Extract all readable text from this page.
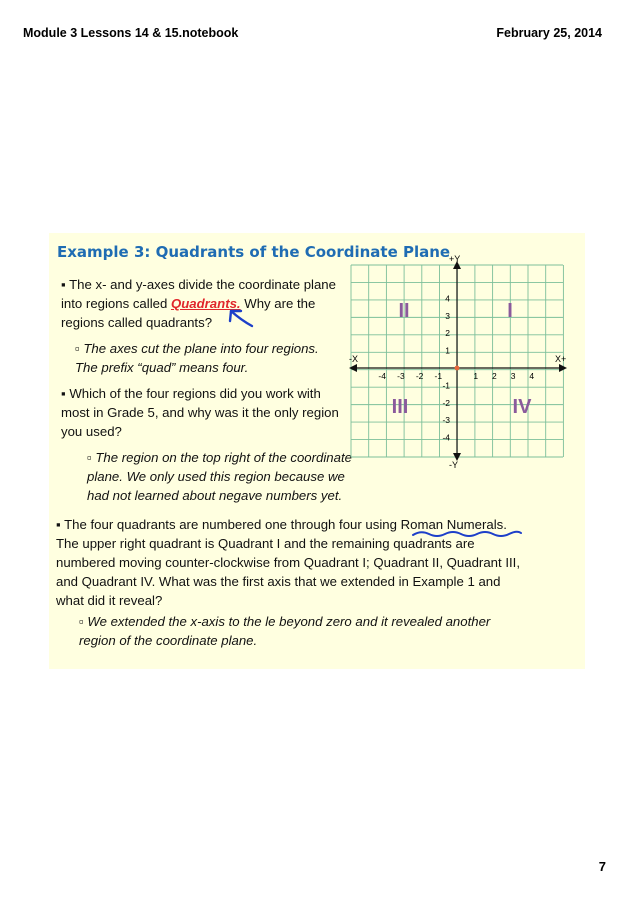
Module 3 Lessons 14 & 15.notebook	February 25, 2014
Example 3: Quadrants of the Coordinate Plane

▪ The x- and y-axes divide the coordinate plane

into regions called Quadrants. Why are the

regions called quadrants?

▫ The axes cut the plane into four regions.

The prefix “quad” means four.

▪ Which of the four regions did you work with

most in Grade 5, and why was it the only region

you used?

▫ The region on the top right of the coordinate

plane. We only used this region because we

had not learned about negave numbers yet.

▪ The four quadrants are numbered one through four using Roman Numerals.

The upper right quadrant is Quadrant I and the remaining quadrants are

numbered moving counter‑clockwise from Quadrant I; Quadrant II, Quadrant III,

and Quadrant IV. What was the first axis that we extended in Example 1 and

what did it reveal?

▫ We extended the x‑axis to the le beyond zero and it revealed another

region of the coordinate plane.

X+
-X
+Y
-Y
-4 -3 -2 -1	1 2 3 4
4
3
2
1
-1
-2
-3
-4
II	I
III	IV
7
